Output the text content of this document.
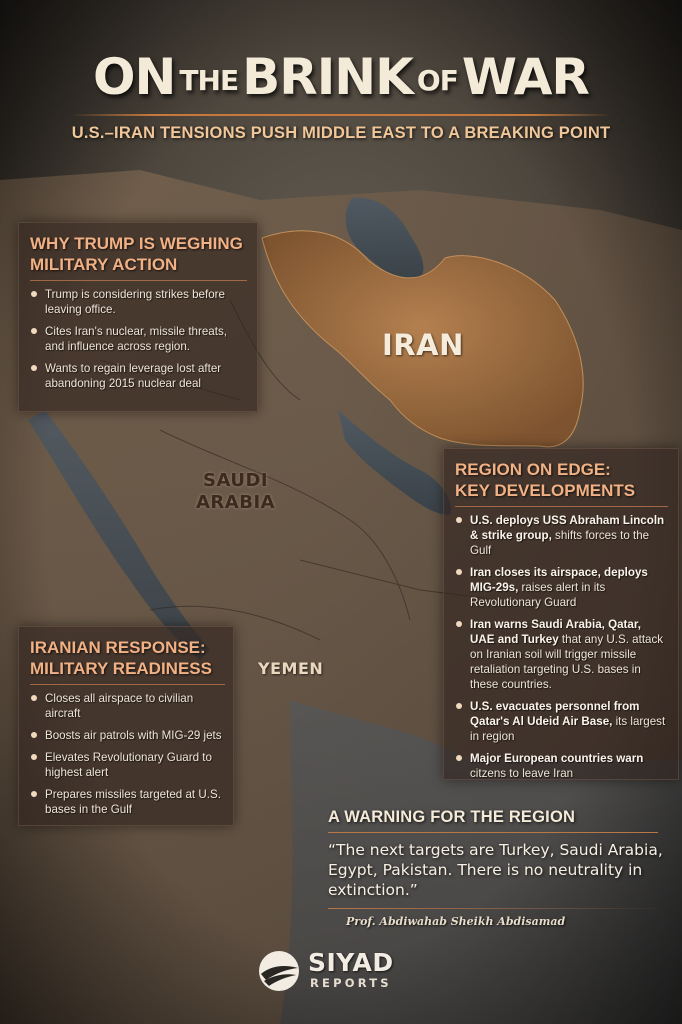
ON THEBRINK OFWAR
U.S.–IRAN TENSIONS PUSH MIDDLE EAST TO A BREAKING POINT
IRAN
SAUDI
ARABIA
YEMEN
WHY TRUMP IS WEGHING
MILITARY ACTION
Trump is considering strikes before leaving office.
Cites Iran's nuclear, missile threats, and influence across region.
Wants to regain leverage lost after abandoning 2015 nuclear deal
REGION ON EDGE:
KEY DEVELOPMENTS
U.S. deploys USS Abraham Lincoln & strike group, shifts forces to the Gulf
Iran closes its airspace, deploys MIG-29s, raises alert in its Revolutionary Guard
Iran warns Saudi Arabia, Qatar, UAE and Turkey that any U.S. attack on Iranian soil will trigger missile retaliation targeting U.S. bases in these countries.
U.S. evacuates personnel from Qatar's Al Udeid Air Base, its largest in region
Major European countries warn citzens to leave Iran
IRANIAN RESPONSE:
MILITARY READINESS
Closes all airspace to civilian aircraft
Boosts air patrols with MIG-29 jets
Elevates Revolutionary Guard to highest alert
Prepares missiles targeted at U.S. bases in the Gulf	A WARNING FOR THE REGION
“The next targets are Turkey, Saudi Arabia, Egypt, Pakistan. There is no neutrality in extinction.”
Prof. Abdiwahab Sheikh Abdisamad
SIYAD
REPORTS
